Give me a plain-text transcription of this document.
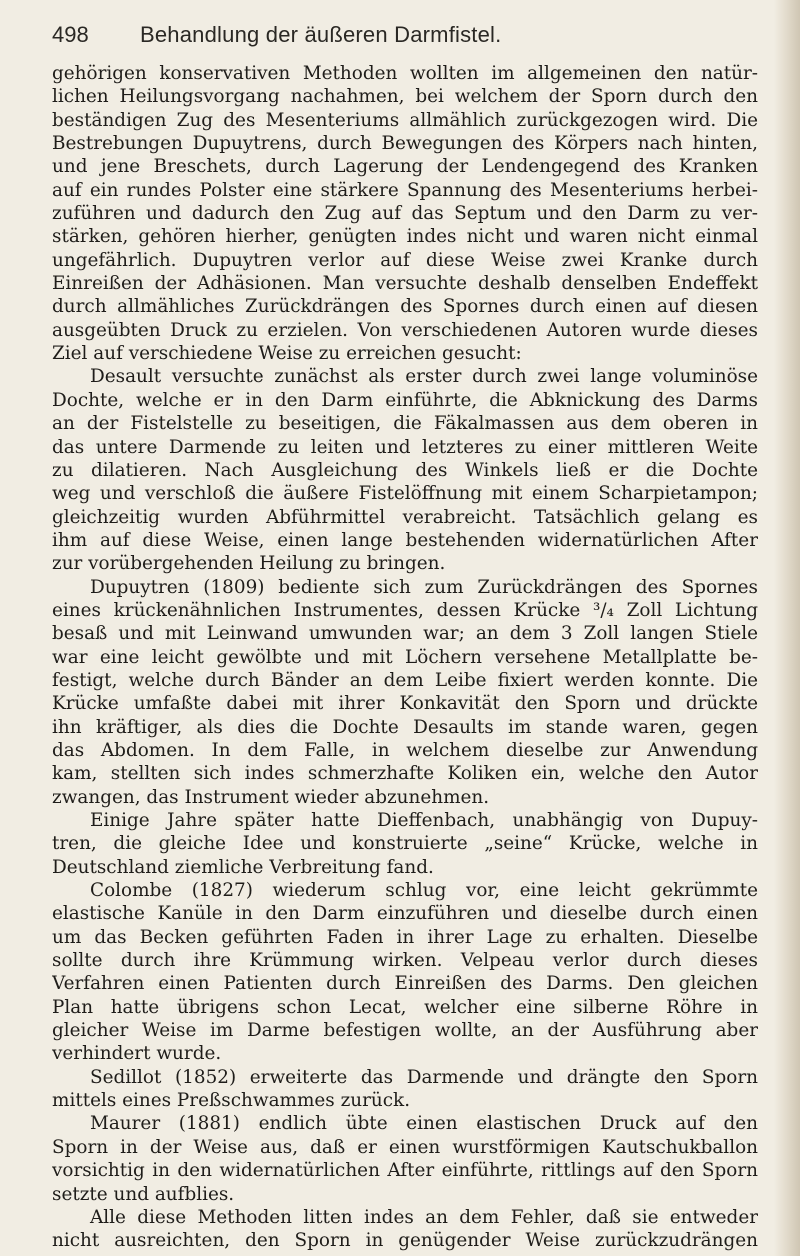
498 Behandlung der äußeren Darmfistel.
gehörigen konservativen Methoden wollten im allgemeinen den natür-
lichen Heilungsvorgang nachahmen, bei welchem der Sporn durch den
beständigen Zug des Mesenteriums allmählich zurückgezogen wird. Die
Bestrebungen Dupuytrens, durch Bewegungen des Körpers nach hinten,
und jene Breschets, durch Lagerung der Lendengegend des Kranken
auf ein rundes Polster eine stärkere Spannung des Mesenteriums herbei-
zuführen und dadurch den Zug auf das Septum und den Darm zu ver-
stärken, gehören hierher, genügten indes nicht und waren nicht einmal
ungefährlich. Dupuytren verlor auf diese Weise zwei Kranke durch
Einreißen der Adhäsionen. Man versuchte deshalb denselben Endeffekt
durch allmähliches Zurückdrängen des Spornes durch einen auf diesen
ausgeübten Druck zu erzielen. Von verschiedenen Autoren wurde dieses
Ziel auf verschiedene Weise zu erreichen gesucht:
Desault versuchte zunächst als erster durch zwei lange voluminöse
Dochte, welche er in den Darm einführte, die Abknickung des Darms
an der Fistelstelle zu beseitigen, die Fäkalmassen aus dem oberen in
das untere Darmende zu leiten und letzteres zu einer mittleren Weite
zu dilatieren. Nach Ausgleichung des Winkels ließ er die Dochte
weg und verschloß die äußere Fistelöffnung mit einem Scharpietampon;
gleichzeitig wurden Abführmittel verabreicht. Tatsächlich gelang es
ihm auf diese Weise, einen lange bestehenden widernatürlichen After
zur vorübergehenden Heilung zu bringen.
Dupuytren (1809) bediente sich zum Zurückdrängen des Spornes
eines krückenähnlichen Instrumentes, dessen Krücke ³/₄ Zoll Lichtung
besaß und mit Leinwand umwunden war; an dem 3 Zoll langen Stiele
war eine leicht gewölbte und mit Löchern versehene Metallplatte be-
festigt, welche durch Bänder an dem Leibe fixiert werden konnte. Die
Krücke umfaßte dabei mit ihrer Konkavität den Sporn und drückte
ihn kräftiger, als dies die Dochte Desaults im stande waren, gegen
das Abdomen. In dem Falle, in welchem dieselbe zur Anwendung
kam, stellten sich indes schmerzhafte Koliken ein, welche den Autor
zwangen, das Instrument wieder abzunehmen.
Einige Jahre später hatte Dieffenbach, unabhängig von Dupuy-
tren, die gleiche Idee und konstruierte „seine“ Krücke, welche in
Deutschland ziemliche Verbreitung fand.
Colombe (1827) wiederum schlug vor, eine leicht gekrümmte
elastische Kanüle in den Darm einzuführen und dieselbe durch einen
um das Becken geführten Faden in ihrer Lage zu erhalten. Dieselbe
sollte durch ihre Krümmung wirken. Velpeau verlor durch dieses
Verfahren einen Patienten durch Einreißen des Darms. Den gleichen
Plan hatte übrigens schon Lecat, welcher eine silberne Röhre in
gleicher Weise im Darme befestigen wollte, an der Ausführung aber
verhindert wurde.
Sedillot (1852) erweiterte das Darmende und drängte den Sporn
mittels eines Preßschwammes zurück.
Maurer (1881) endlich übte einen elastischen Druck auf den
Sporn in der Weise aus, daß er einen wurstförmigen Kautschukballon
vorsichtig in den widernatürlichen After einführte, rittlings auf den Sporn
setzte und aufblies.
Alle diese Methoden litten indes an dem Fehler, daß sie entweder
nicht ausreichten, den Sporn in genügender Weise zurückzudrängen
